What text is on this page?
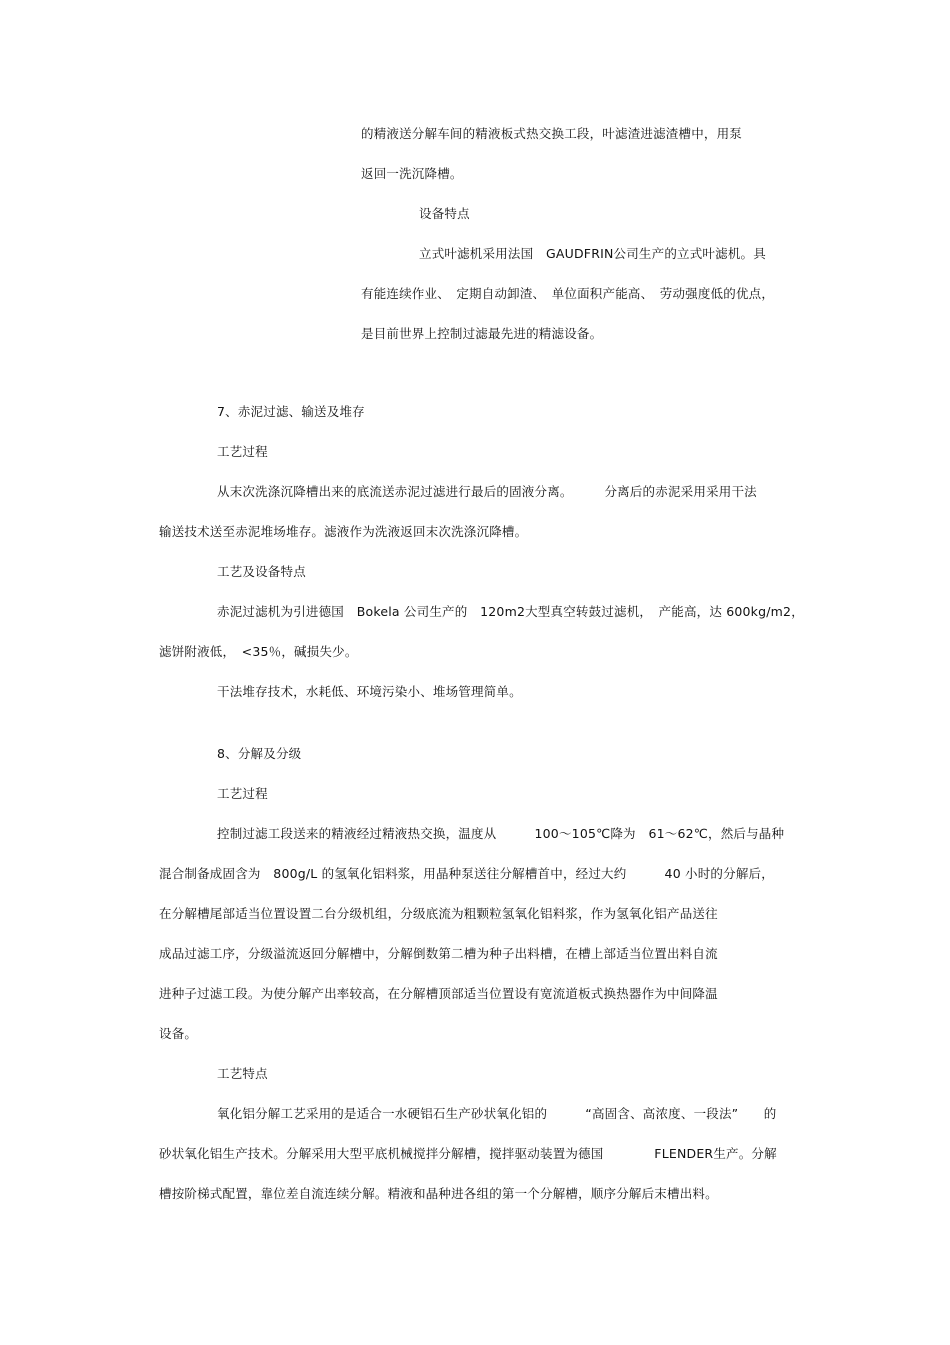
的精液送分解车间的精液板式热交换工段，叶滤渣进滤渣槽中，用泵
返回一洗沉降槽。
设备特点
立式叶滤机采用法国　GAUDFRIN公司生产的立式叶滤机。具
有能连续作业、　定期自动卸渣、　单位面积产能高、　劳动强度低的优点，
是目前世界上控制过滤最先进的精滤设备。
7、赤泥过滤、输送及堆存
工艺过程
从末次洗涤沉降槽出来的底流送赤泥过滤进行最后的固液分离。　　　分离后的赤泥采用采用干法
输送技术送至赤泥堆场堆存。滤液作为洗液返回末次洗涤沉降槽。
工艺及设备特点
赤泥过滤机为引进德国　Bokela 公司生产的　120m2大型真空转鼓过滤机，　产能高，达 600kg/m2，
滤饼附液低，　<35％，碱损失少。
干法堆存技术，水耗低、环境污染小、堆场管理简单。
8、分解及分级
工艺过程
控制过滤工段送来的精液经过精液热交换，温度从　　　100～105℃降为　61～62℃，然后与晶种
混合制备成固含为　800g/L 的氢氧化铝料浆，用晶种泵送往分解槽首中，经过大约　　　40 小时的分解后，
在分解槽尾部适当位置设置二台分级机组，分级底流为粗颗粒氢氧化铝料浆，作为氢氧化铝产品送往
成品过滤工序，分级溢流返回分解槽中，分解倒数第二槽为种子出料槽，在槽上部适当位置出料自流
进种子过滤工段。为使分解产出率较高，在分解槽顶部适当位置设有宽流道板式换热器作为中间降温
设备。
工艺特点
氧化铝分解工艺采用的是适合一水硬铝石生产砂状氧化铝的　　　“高固含、高浓度、一段法”　　的
砂状氧化铝生产技术。分解采用大型平底机械搅拌分解槽，搅拌驱动装置为德国　　　　FLENDER生产。分解
槽按阶梯式配置，靠位差自流连续分解。精液和晶种进各组的第一个分解槽，顺序分解后末槽出料。
